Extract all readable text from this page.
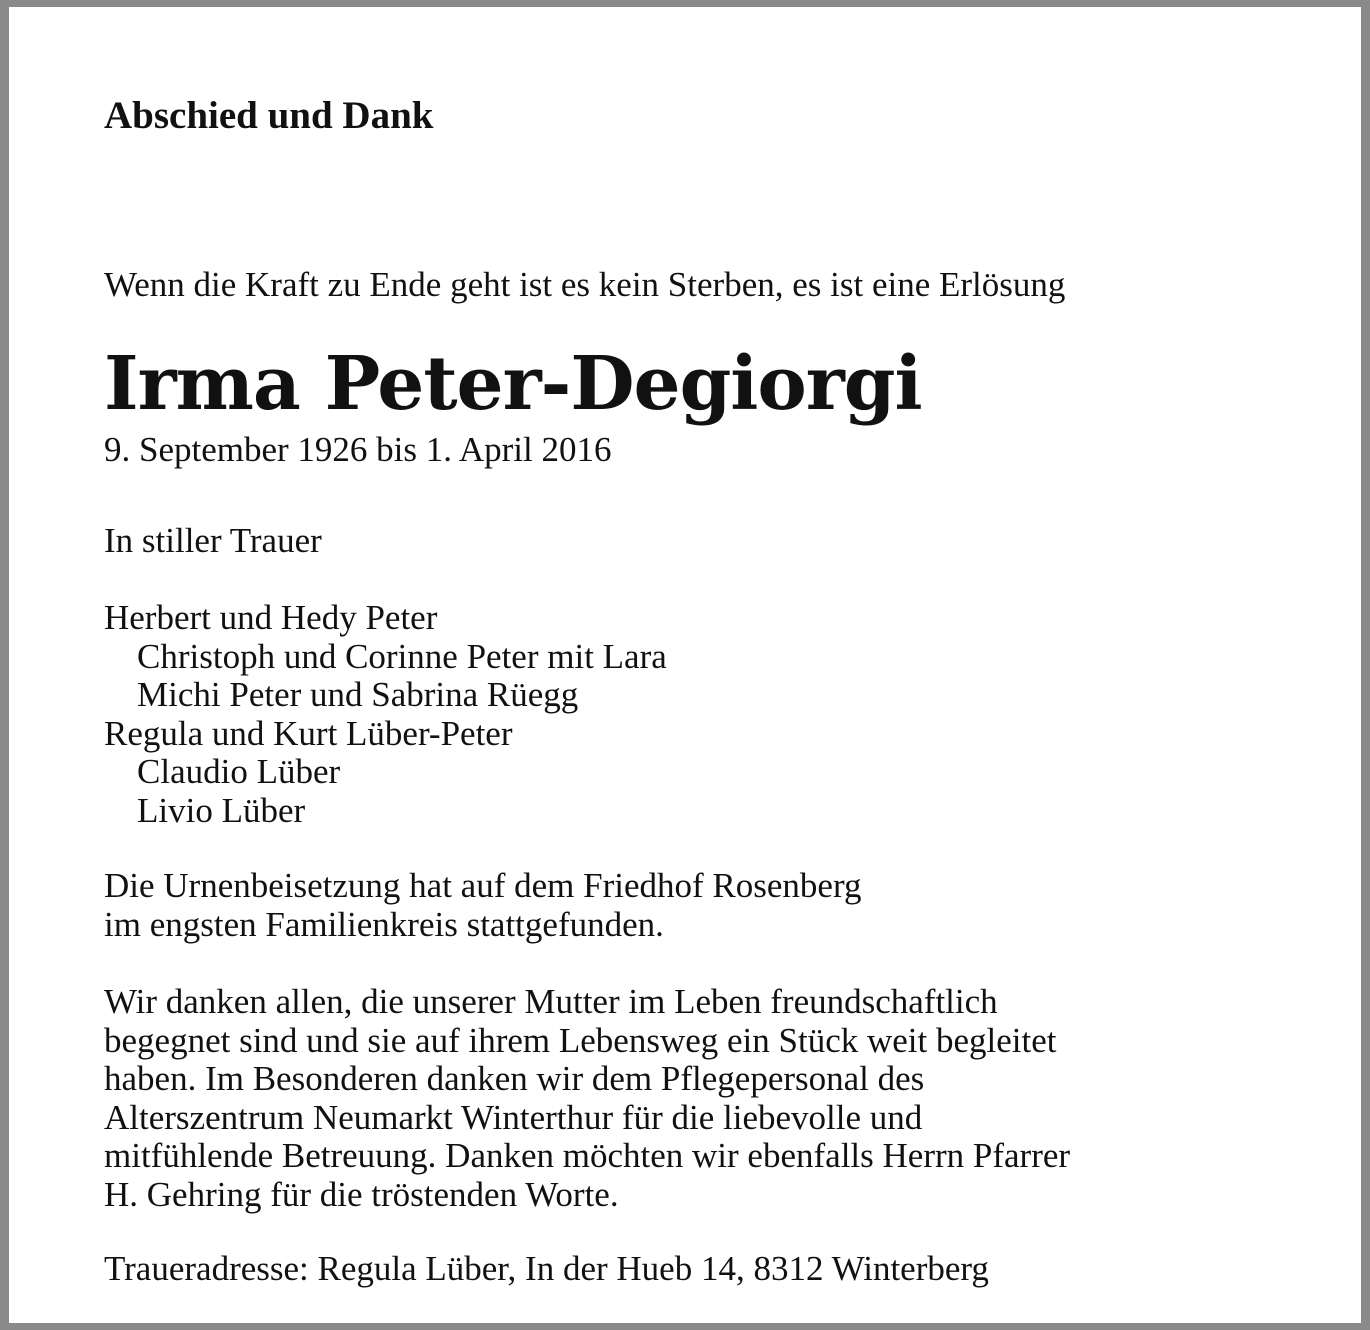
Abschied und Dank

Wenn die Kraft zu Ende geht ist es kein Sterben, es ist eine Erlösung

Irma Peter-Degiorgi

9. September 1926 bis 1. April 2016

In stiller Trauer

Herbert und Hedy Peter
Christoph und Corinne Peter mit Lara
Michi Peter und Sabrina Rüegg
Regula und Kurt Lüber-Peter
Claudio Lüber
Livio Lüber
Die Urnenbeisetzung hat auf dem Friedhof Rosenberg
im engsten Familienkreis stattgefunden.
Wir danken allen, die unserer Mutter im Leben freundschaftlich
begegnet sind und sie auf ihrem Lebensweg ein Stück weit begleitet
haben. Im Besonderen danken wir dem Pflegepersonal des
Alterszentrum Neumarkt Winterthur für die liebevolle und
mitfühlende Betreuung. Danken möchten wir ebenfalls Herrn Pfarrer
H. Gehring für die tröstenden Worte.

Traueradresse: Regula Lüber, In der Hueb 14, 8312 Winterberg
